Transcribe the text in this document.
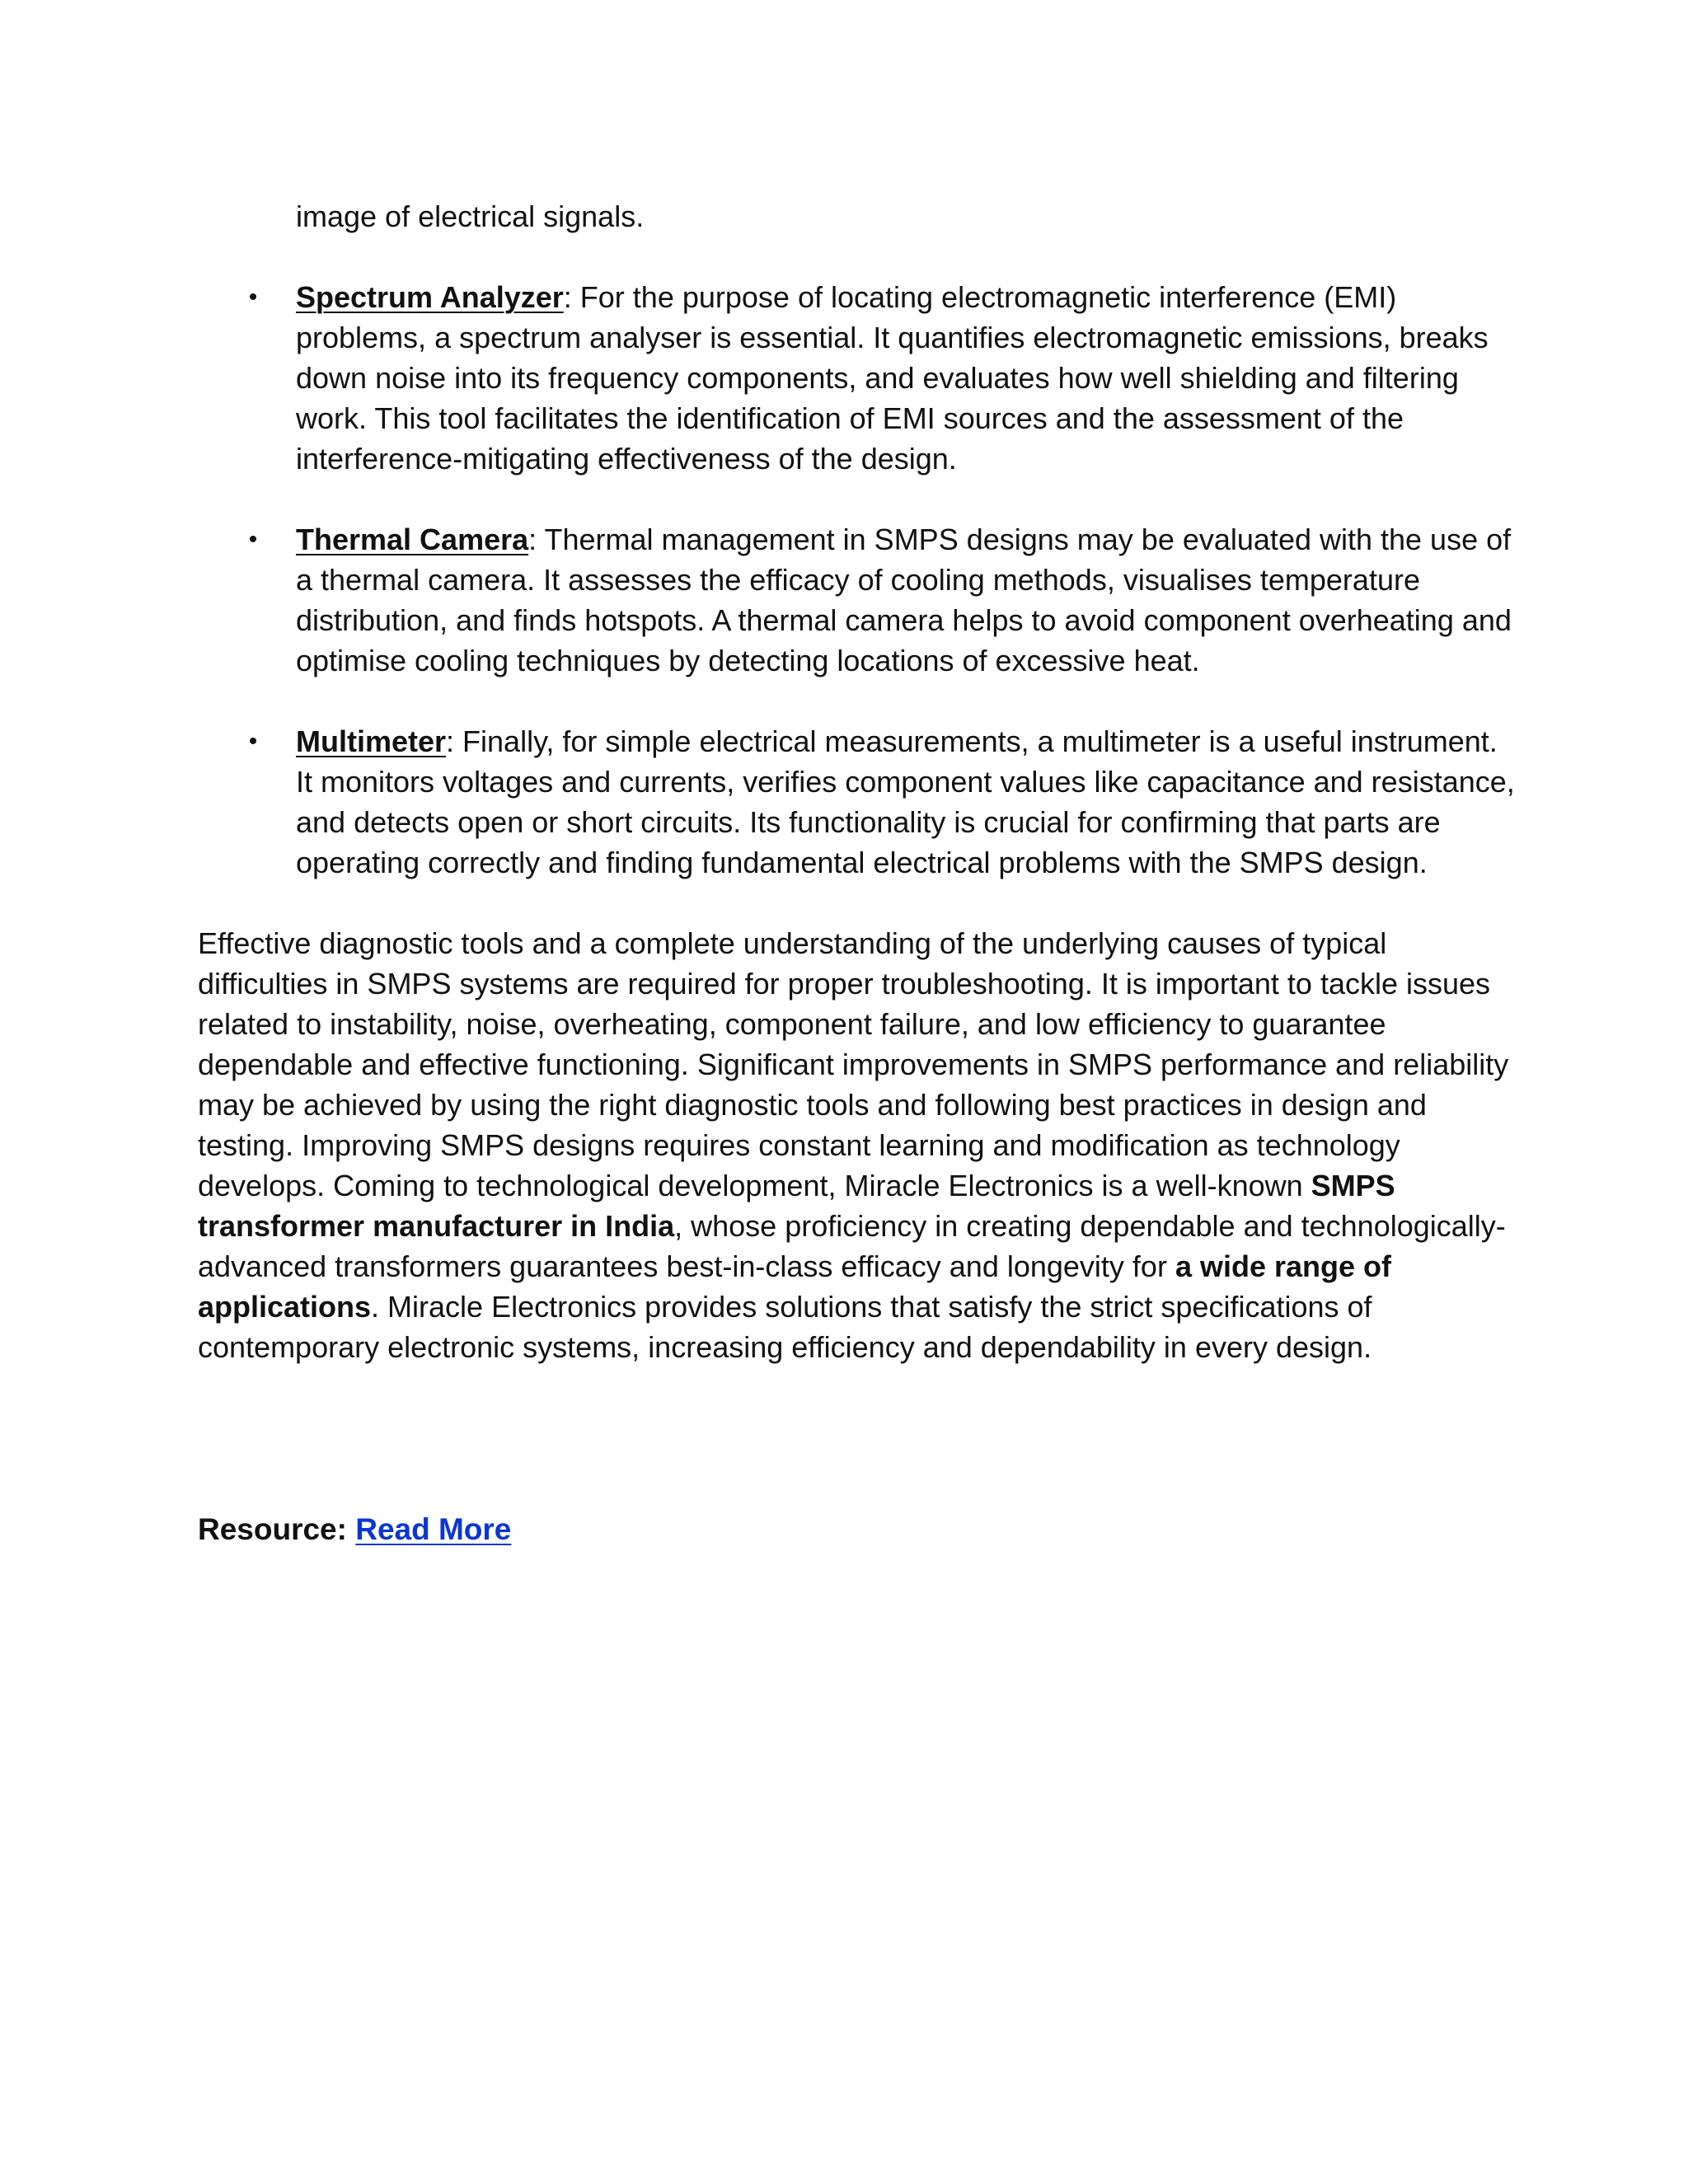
image of electrical signals.

• Spectrum Analyzer: For the purpose of locating electromagnetic interference (EMI) problems, a spectrum analyser is essential. It quantifies electromagnetic emissions, breaks down noise into its frequency components, and evaluates how well shielding and filtering work. This tool facilitates the identification of EMI sources and the assessment of the interference-mitigating effectiveness of the design.
• Thermal Camera: Thermal management in SMPS designs may be evaluated with the use of a thermal camera. It assesses the efficacy of cooling methods, visualises temperature distribution, and finds hotspots. A thermal camera helps to avoid component overheating and optimise cooling techniques by detecting locations of excessive heat.
• Multimeter: Finally, for simple electrical measurements, a multimeter is a useful instrument. It monitors voltages and currents, verifies component values like capacitance and resistance, and detects open or short circuits. Its functionality is crucial for confirming that parts are operating correctly and finding fundamental electrical problems with the SMPS design.

Effective diagnostic tools and a complete understanding of the underlying causes of typical difficulties in SMPS systems are required for proper troubleshooting. It is important to tackle issues related to instability, noise, overheating, component failure, and low efficiency to guarantee dependable and effective functioning. Significant improvements in SMPS performance and reliability may be achieved by using the right diagnostic tools and following best practices in design and testing. Improving SMPS designs requires constant learning and modification as technology develops. Coming to technological development, Miracle Electronics is a well-known SMPS transformer manufacturer in India, whose proficiency in creating dependable and technologically-advanced transformers guarantees best-in-class efficacy and longevity for a wide range of applications. Miracle Electronics provides solutions that satisfy the strict specifications of contemporary electronic systems, increasing efficiency and dependability in every design.

Resource: Read More
